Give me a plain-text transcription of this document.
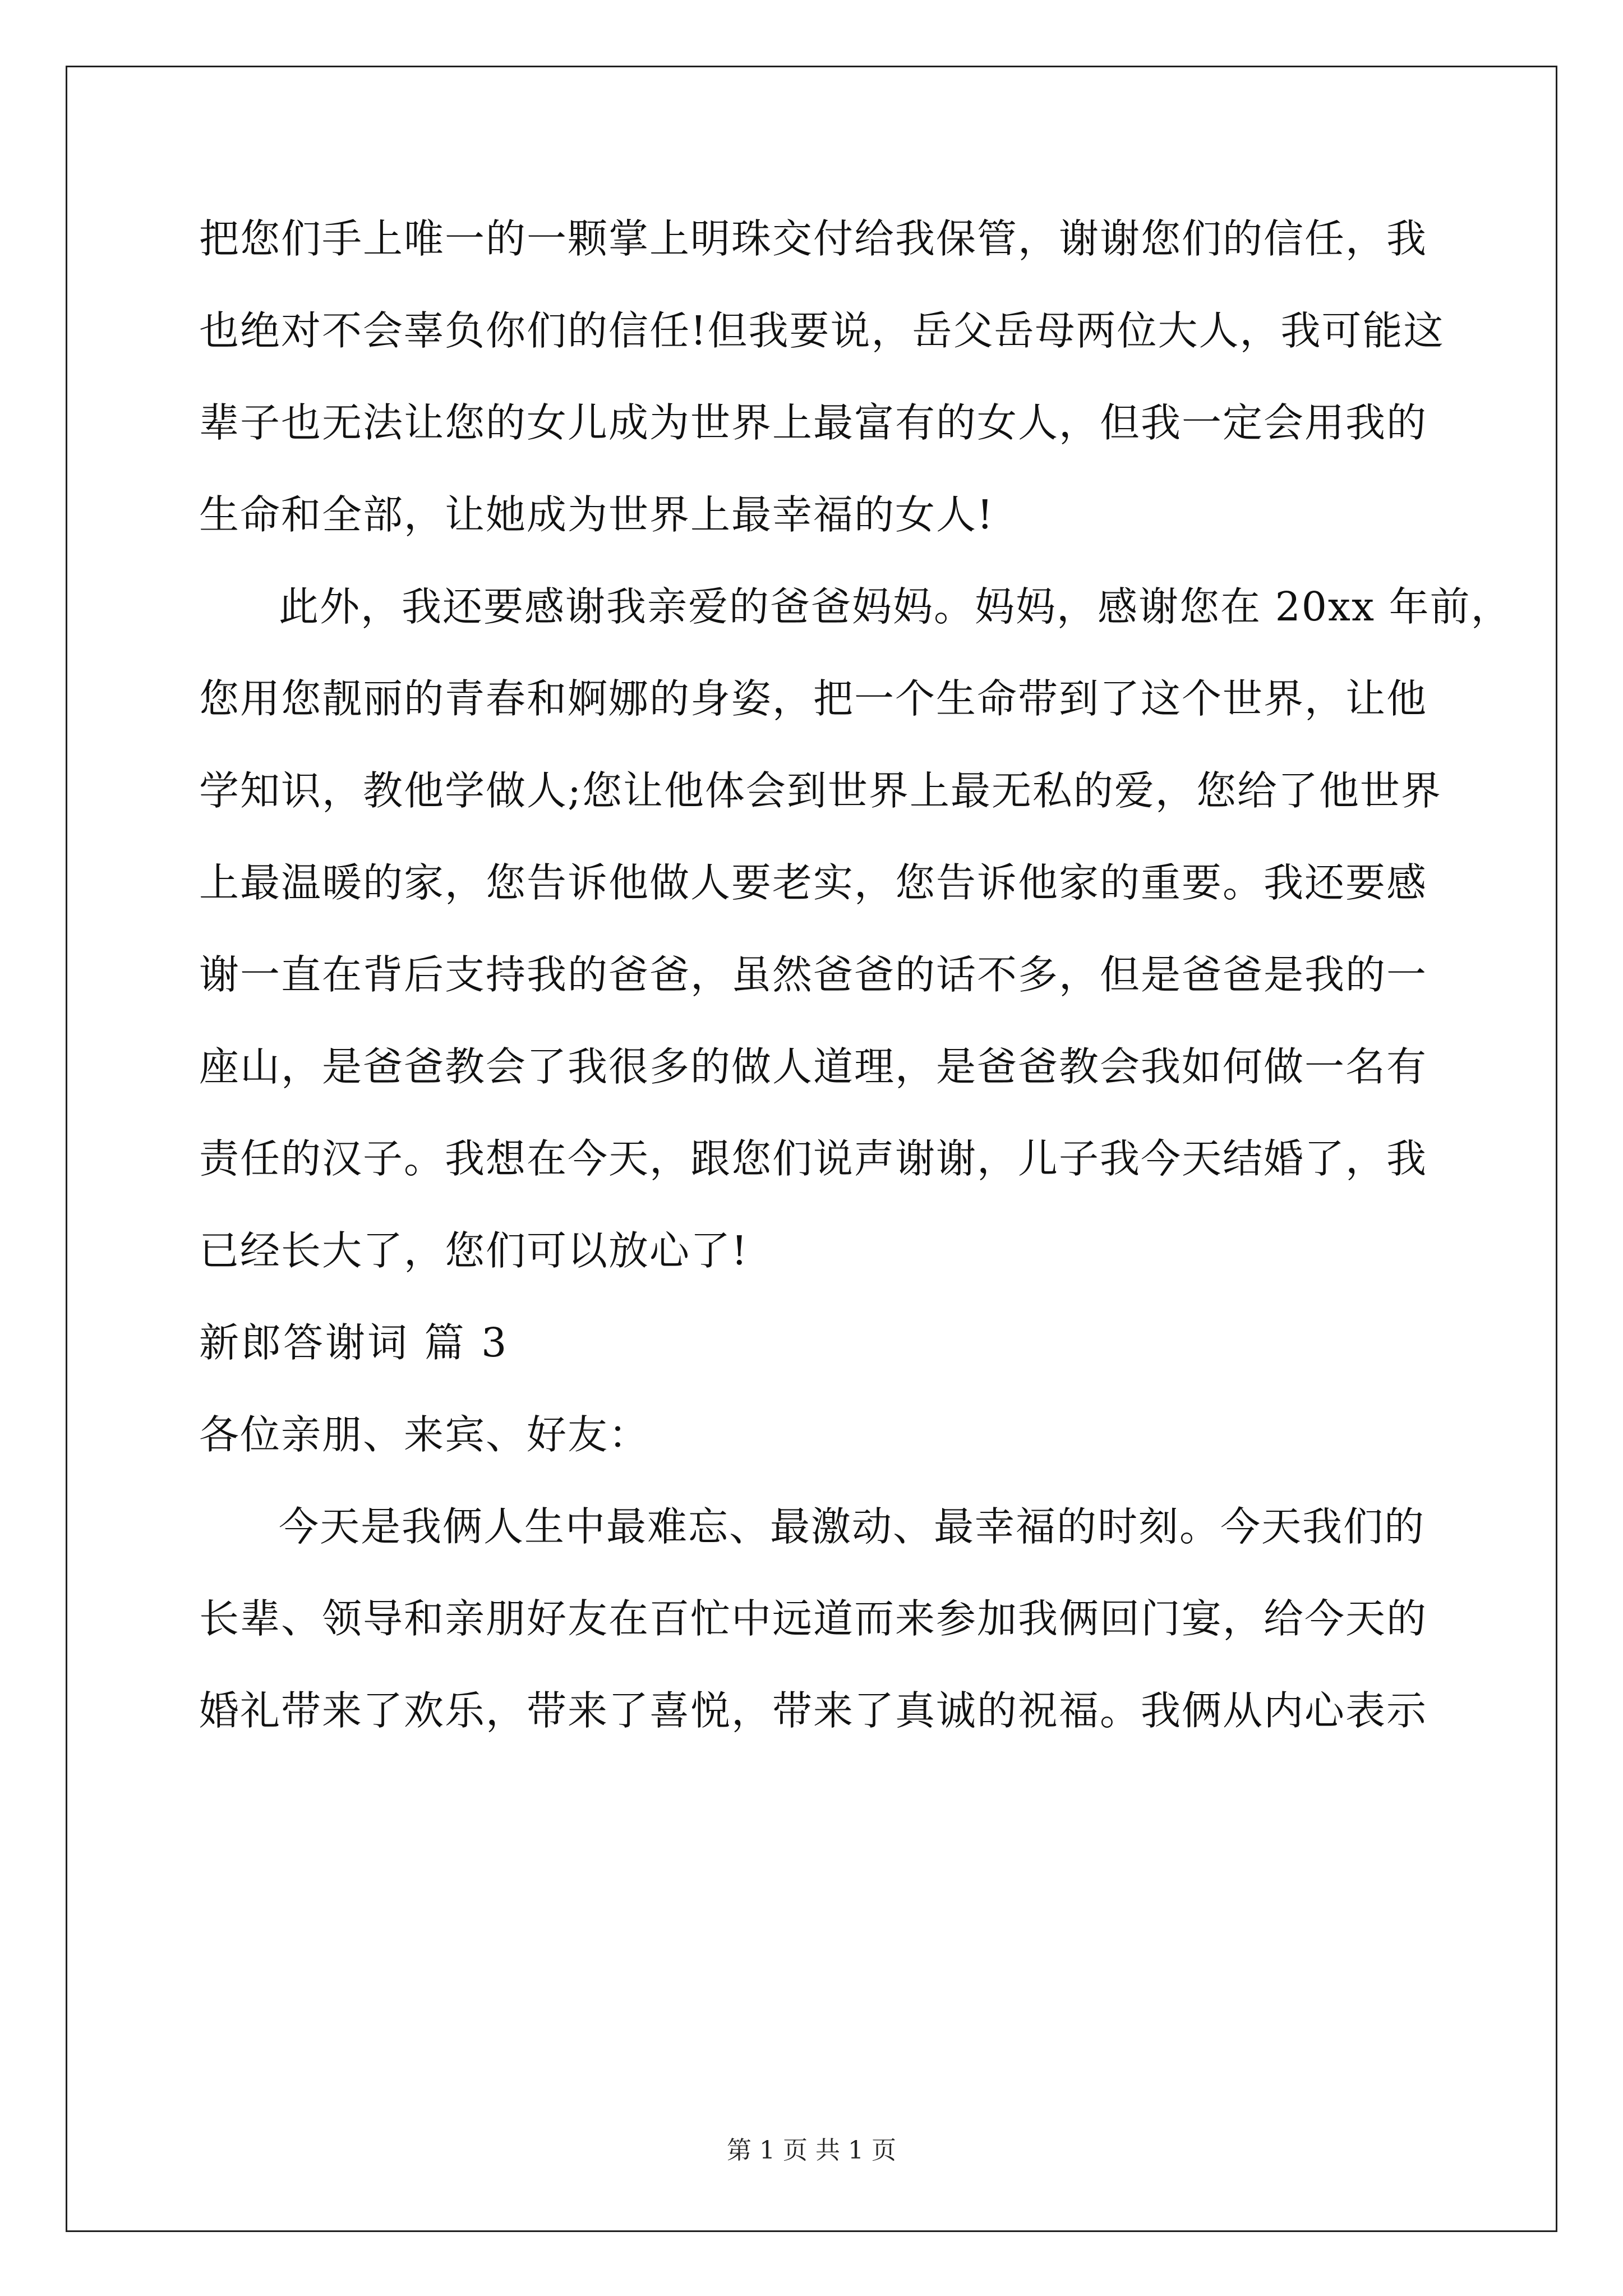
把您们手上唯一的一颗掌上明珠交付给我保管，谢谢您们的信任，我
也绝对不会辜负你们的信任!但我要说，岳父岳母两位大人，我可能这
辈子也无法让您的女儿成为世界上最富有的女人，但我一定会用我的
生命和全部，让她成为世界上最幸福的女人!
此外，我还要感谢我亲爱的爸爸妈妈。妈妈，感谢您在 20xx 年前，
您用您靓丽的青春和婀娜的身姿，把一个生命带到了这个世界，让他
学知识，教他学做人;您让他体会到世界上最无私的爱，您给了他世界
上最温暖的家，您告诉他做人要老实，您告诉他家的重要。我还要感
谢一直在背后支持我的爸爸，虽然爸爸的话不多，但是爸爸是我的一
座山，是爸爸教会了我很多的做人道理，是爸爸教会我如何做一名有
责任的汉子。我想在今天，跟您们说声谢谢，儿子我今天结婚了，我
已经长大了，您们可以放心了!
新郎答谢词 篇 3
各位亲朋、来宾、好友：
今天是我俩人生中最难忘、最激动、最幸福的时刻。今天我们的
长辈、领导和亲朋好友在百忙中远道而来参加我俩回门宴，给今天的
婚礼带来了欢乐，带来了喜悦，带来了真诚的祝福。我俩从内心表示
第 1 页 共 1 页
